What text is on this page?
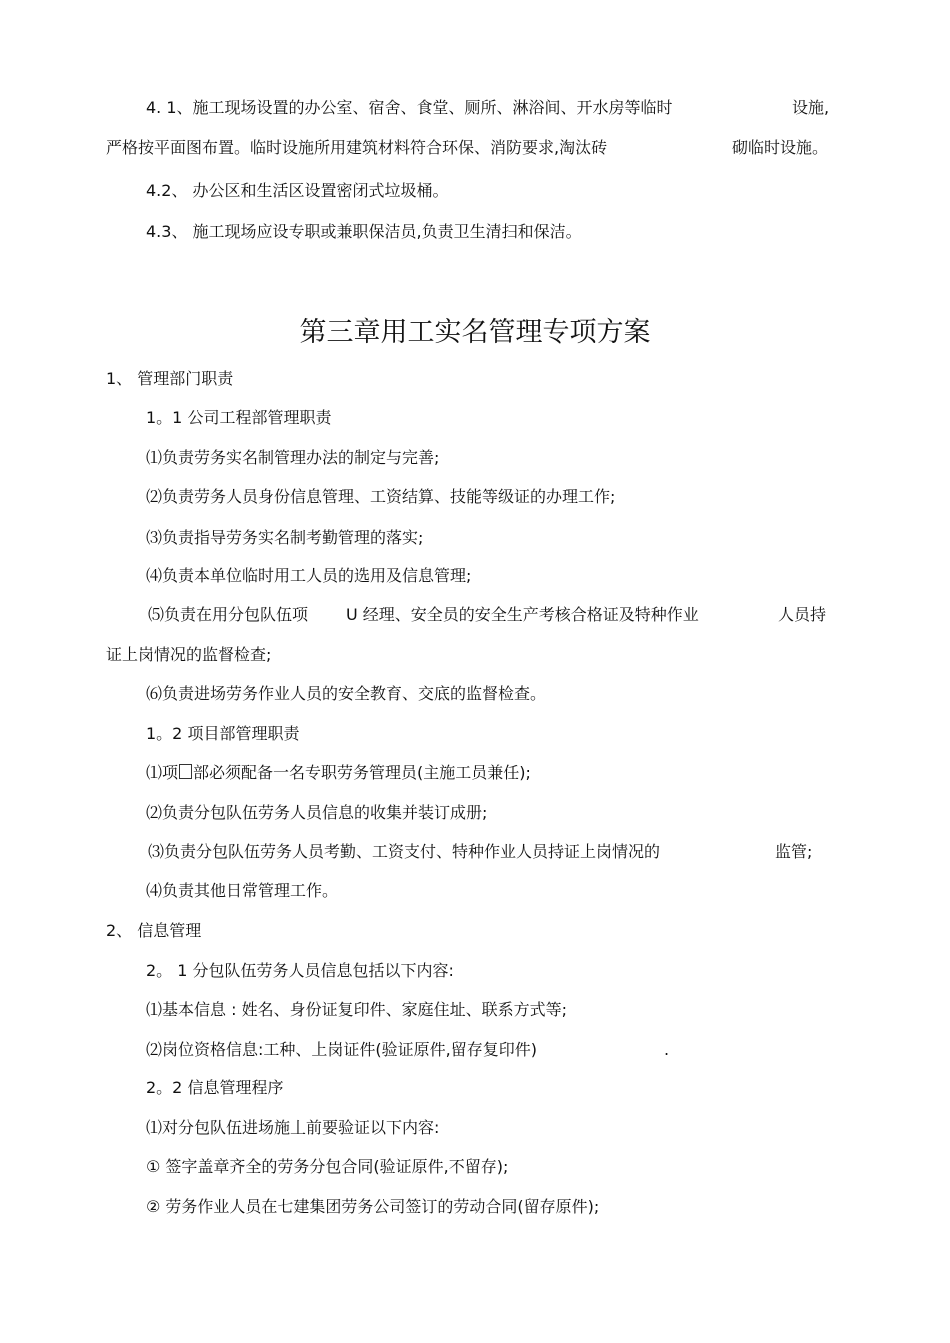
4. 1、施工现场设置的办公室、宿舍、食堂、厕所、淋浴间、开水房等临时	设施,
严格按平面图布置。临时设施所用建筑材料符合环保、消防要求,淘汰砖	砌临时设施。
4.2、 办公区和生活区设置密闭式垃圾桶。
4.3、 施工现场应设专职或兼职保洁员,负责卫生清扫和保洁。
第三章用工实名管理专项方案
1、 管理部门职责
1。1 公司工程部管理职责
⑴负责劳务实名制管理办法的制定与完善;
⑵负责劳务人员身份信息管理、工资结算、技能等级证的办理工作;
⑶负责指导劳务实名制考勤管理的落实;
⑷负责本单位临时用工人员的选用及信息管理;
⑸负责在用分包队伍项 U 经理、安全员的安全生产考核合格证及特种作业	人员持
证上岗情况的监督检查;
⑹负责进场劳务作业人员的安全教育、交底的监督检查。
1。2 项目部管理职责
⑴项 部必须配备一名专职劳务管理员(主施工员兼任);
⑵负责分包队伍劳务人员信息的收集并装订成册;
⑶负责分包队伍劳务人员考勤、工资支付、特种作业人员持证上岗情况的	监管;
⑷负责其他日常管理工作。
2、 信息管理
2。 1 分包队伍劳务人员信息包括以下内容:
⑴基本信息 : 姓名、身份证复印件、家庭住址、联系方式等;
⑵岗位资格信息:工种、上岗证件(验证原件,留存复印件)	.
2。2 信息管理程序
⑴对分包队伍进场施丄前要验证以下内容:
① 签字盖章齐全的劳务分包合同(验证原件,不留存);
② 劳务作业人员在七建集团劳务公司签订的劳动合同(留存原件);
